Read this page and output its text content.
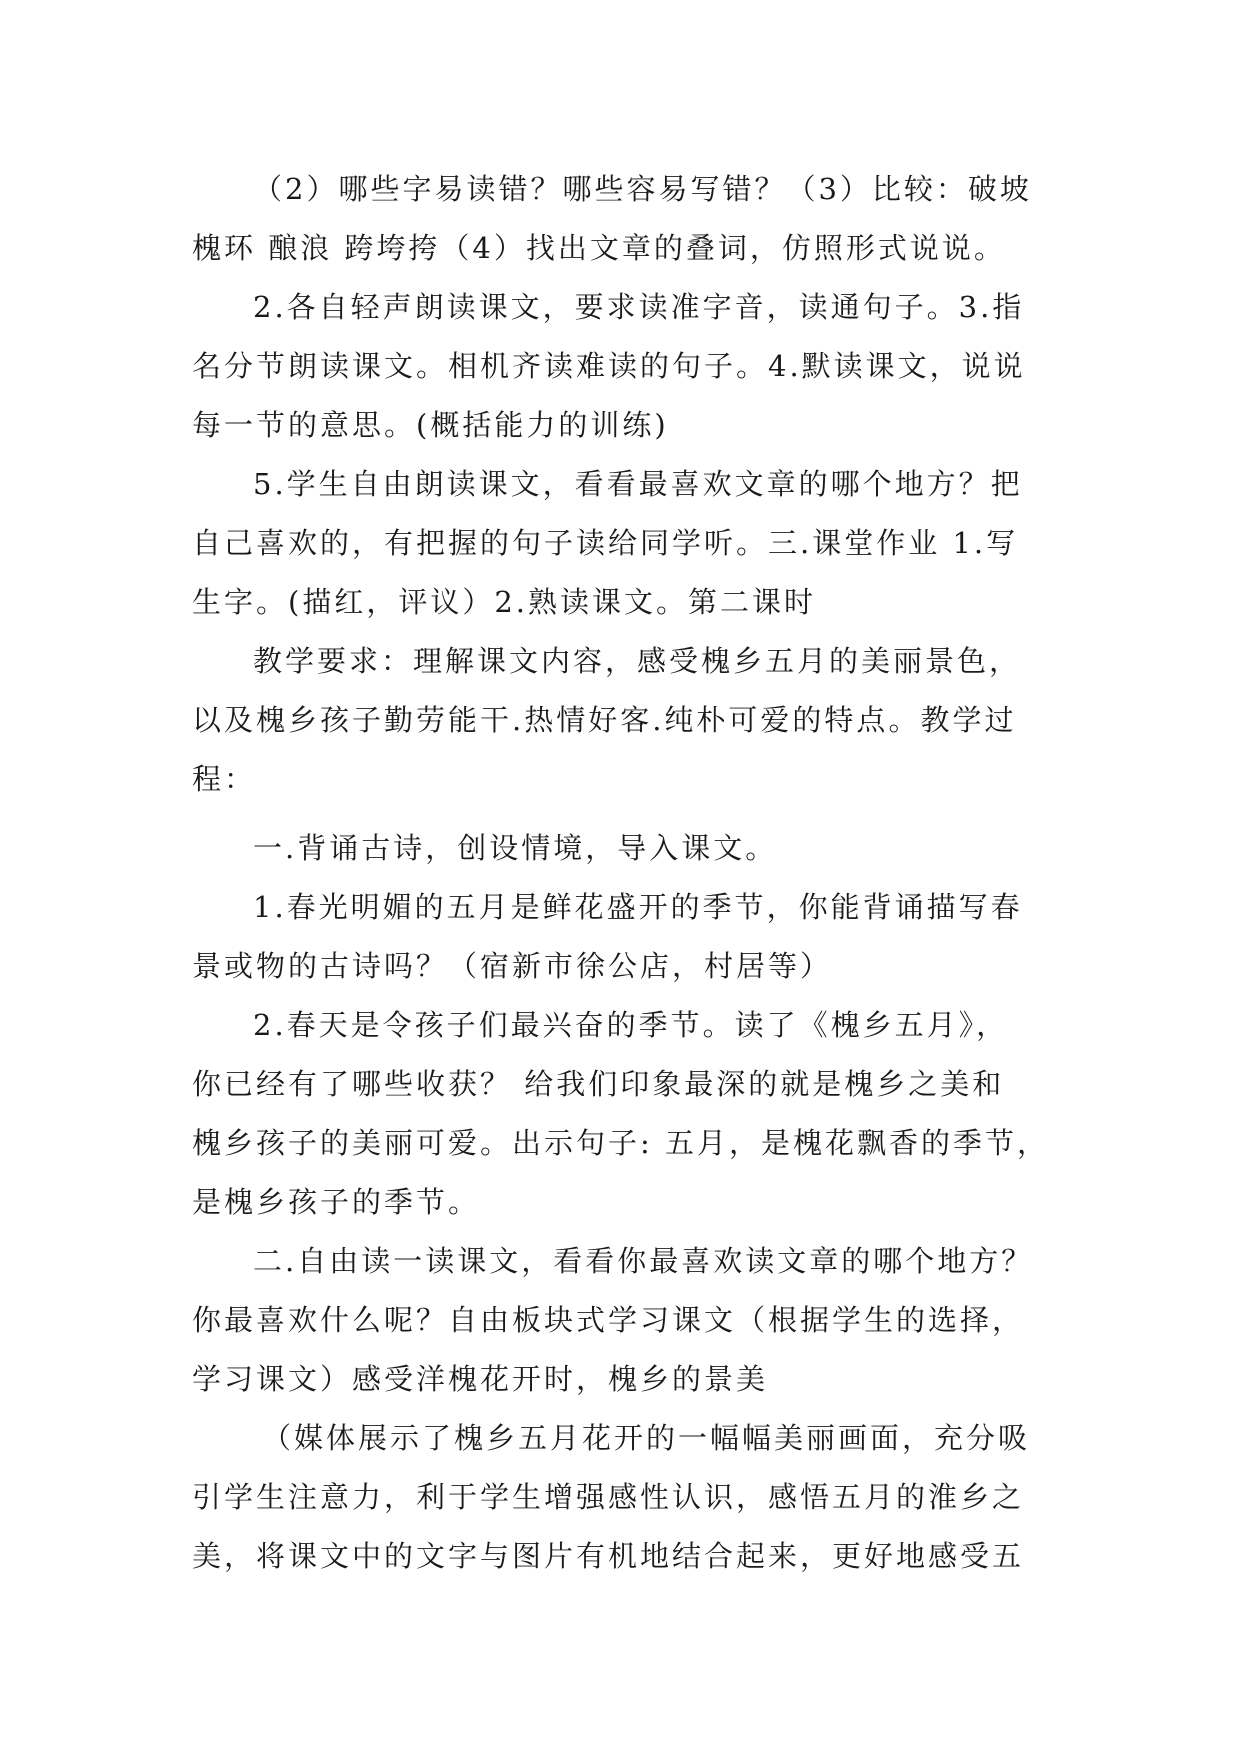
（2）哪些字易读错？哪些容易写错？（3）比较：破坡
槐环 酿浪 跨垮挎（4）找出文章的叠词，仿照形式说说。
2.各自轻声朗读课文，要求读准字音，读通句子。3.指
名分节朗读课文。相机齐读难读的句子。4.默读课文，说说
每一节的意思。(概括能力的训练)
5.学生自由朗读课文，看看最喜欢文章的哪个地方？把
自己喜欢的，有把握的句子读给同学听。三.课堂作业 1.写
生字。(描红，评议）2.熟读课文。第二课时
教学要求：理解课文内容，感受槐乡五月的美丽景色，
以及槐乡孩子勤劳能干.热情好客.纯朴可爱的特点。教学过
程：
一.背诵古诗，创设情境，导入课文。
1.春光明媚的五月是鲜花盛开的季节，你能背诵描写春
景或物的古诗吗？（宿新市徐公店，村居等）
2.春天是令孩子们最兴奋的季节。读了《槐乡五月》，
你已经有了哪些收获？ 给我们印象最深的就是槐乡之美和
槐乡孩子的美丽可爱。出示句子: 五月，是槐花飘香的季节，
是槐乡孩子的季节。
二.自由读一读课文，看看你最喜欢读文章的哪个地方？
你最喜欢什么呢？自由板块式学习课文（根据学生的选择，
学习课文）感受洋槐花开时，槐乡的景美
（媒体展示了槐乡五月花开的一幅幅美丽画面，充分吸
引学生注意力，利于学生增强感性认识，感悟五月的淮乡之
美，将课文中的文字与图片有机地结合起来，更好地感受五
